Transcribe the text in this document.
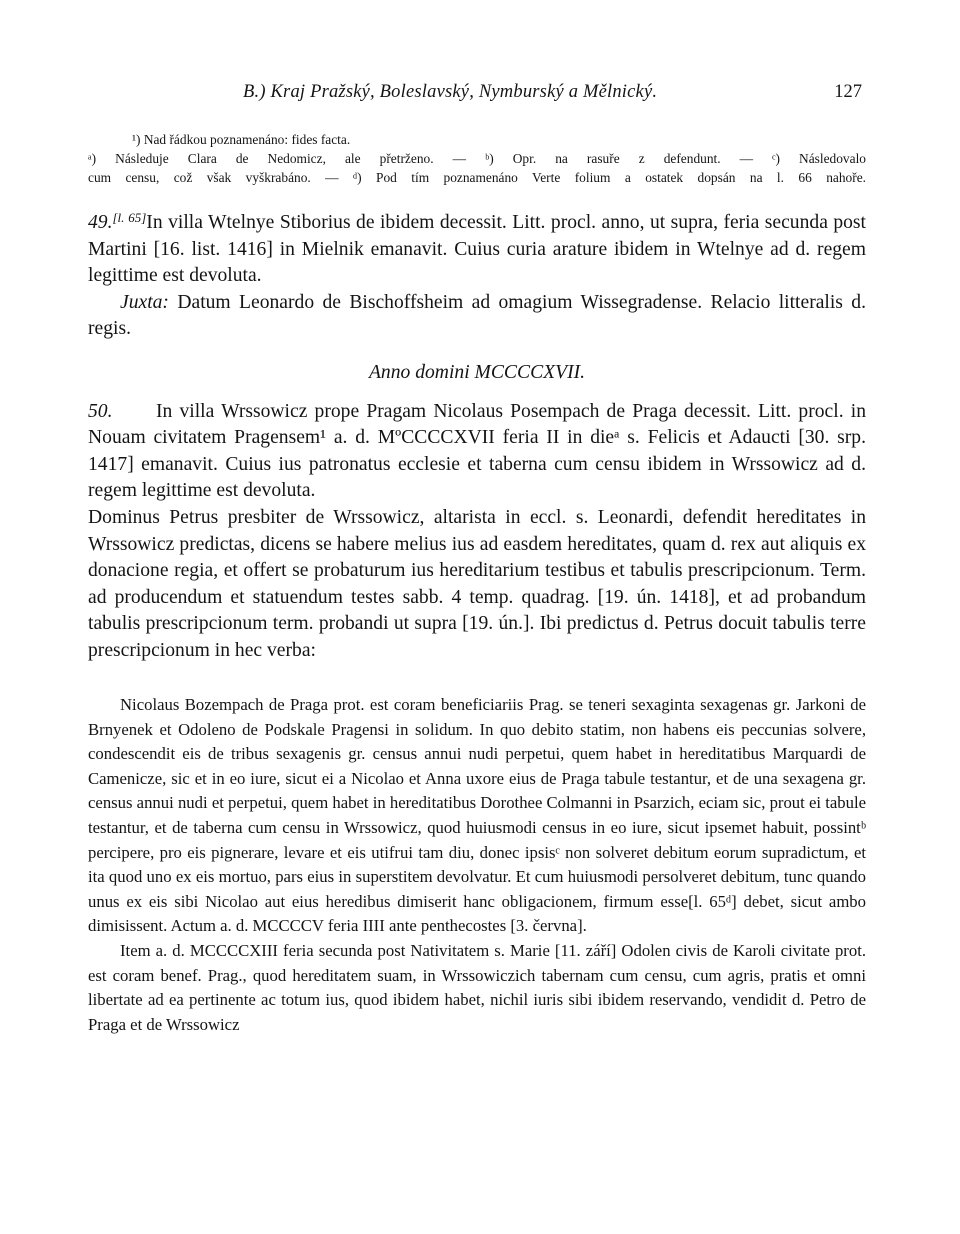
B.) Kraj Pražský, Boleslavský, Nymburský a Mělnický.	127
¹) Nad řádkou poznamenáno: fides facta.
ᵃ) Následuje Clara de Nedomicz, ale přetrženo. — ᵇ) Opr. na rasuře z defendunt. — ᶜ) Následovalo
cum censu, což však vyškrabáno. — ᵈ) Pod tím poznamenáno Verte folium a ostatek dopsán na l. 66 nahoře.

49.[l. 65]In villa Wtelnye Stiborius de ibidem decessit. Litt. procl. anno, ut supra, feria secunda post Martini [16. list. 1416] in Mielnik emanavit. Cuius curia arature ibidem in Wtelnye ad d. regem legittime est devoluta.

Juxta: Datum Leonardo de Bischoffsheim ad omagium Wissegradense. Relacio litteralis d. regis.

Anno domini MCCCCXVII.

50. In villa Wrssowicz prope Pragam Nicolaus Posempach de Praga decessit. Litt. procl. in Nouam civitatem Pragensem¹ a. d. MºCCCCXVII feria II in dieᵃ s. Felicis et Adaucti [30. srp. 1417] emanavit. Cuius ius patronatus ecclesie et taberna cum censu ibidem in Wrssowicz ad d. regem legittime est devoluta.

Dominus Petrus presbiter de Wrssowicz, altarista in eccl. s. Leonardi, defendit hereditates in Wrssowicz predictas, dicens se habere melius ius ad easdem hereditates, quam d. rex aut aliquis ex donacione regia, et offert se probaturum ius hereditarium testibus et tabulis prescripcionum. Term. ad producendum et statuendum testes sabb. 4 temp. quadrag. [19. ún. 1418], et ad probandum tabulis prescripcionum term. probandi ut supra [19. ún.]. Ibi predictus d. Petrus docuit tabulis terre prescripcionum in hec verba:

Nicolaus Bozempach de Praga prot. est coram beneficiariis Prag. se teneri sexaginta sexagenas gr. Jarkoni de Brnyenek et Odoleno de Podskale Pragensi in solidum. In quo debito statim, non habens eis peccunias solvere, condescendit eis de tribus sexagenis gr. census annui nudi perpetui, quem habet in hereditatibus Marquardi de Camenicze, sic et in eo iure, sicut ei a Nicolao et Anna uxore eius de Praga tabule testantur, et de una sexagena gr. census annui nudi et perpetui, quem habet in hereditatibus Dorothee Colmanni in Psarzich, eciam sic, prout ei tabule testantur, et de taberna cum censu in Wrssowicz, quod huiusmodi census in eo iure, sicut ipsemet habuit, possintᵇ percipere, pro eis pignerare, levare et eis utifrui tam diu, donec ipsisᶜ non solveret debitum eorum supradictum, et ita quod uno ex eis mortuo, pars eius in superstitem devolvatur. Et cum huiusmodi persolveret debitum, tunc quando unus ex eis sibi Nicolao aut eius heredibus dimiserit hanc obligacionem, firmum esse[l. 65ᵈ] debet, sicut ambo dimisissent. Actum a. d. MCCCCV feria IIII ante penthecostes [3. června].

Item a. d. MCCCCXIII feria secunda post Nativitatem s. Marie [11. září] Odolen civis de Karoli civitate prot. est coram benef. Prag., quod hereditatem suam, in Wrssowiczich tabernam cum censu, cum agris, pratis et omni libertate ad ea pertinente ac totum ius, quod ibidem habet, nichil iuris sibi ibidem reservando, vendidit d. Petro de Praga et de Wrssowicz
